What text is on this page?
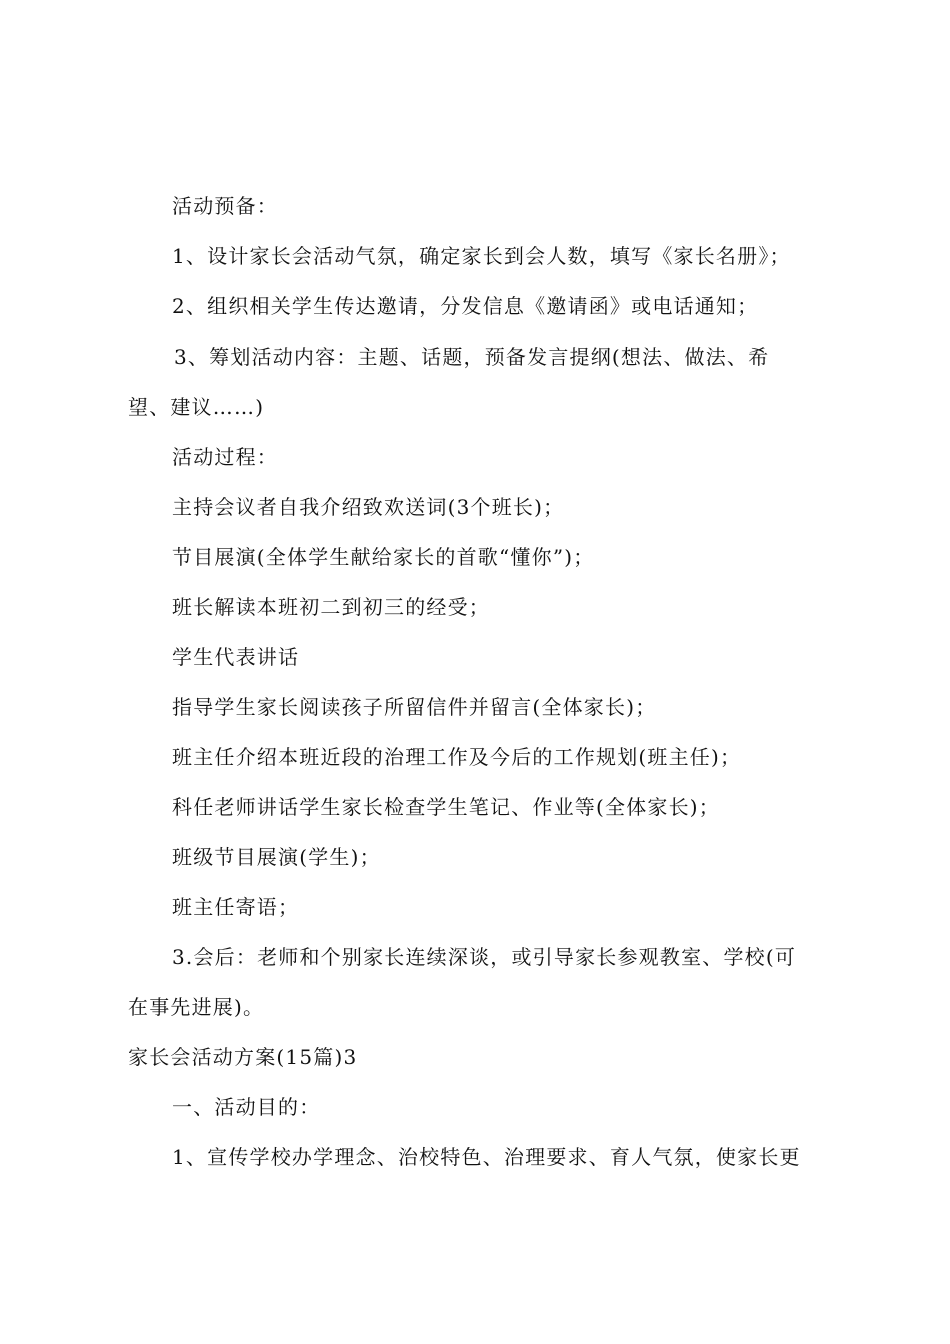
活动预备：
1、设计家长会活动气氛，确定家长到会人数，填写《家长名册》；
2、组织相关学生传达邀请，分发信息《邀请函》或电话通知；
3、筹划活动内容：主题、话题，预备发言提纲(想法、做法、希
望、建议……)
活动过程：
主持会议者自我介绍致欢送词(3个班长)；
节目展演(全体学生献给家长的首歌“懂你”)；
班长解读本班初二到初三的经受；
学生代表讲话
指导学生家长阅读孩子所留信件并留言(全体家长)；
班主任介绍本班近段的治理工作及今后的工作规划(班主任)；
科任老师讲话学生家长检查学生笔记、作业等(全体家长)；
班级节目展演(学生)；
班主任寄语；
3.会后：老师和个别家长连续深谈，或引导家长参观教室、学校(可
在事先进展)。
家长会活动方案(15篇)3
一、活动目的：
1、宣传学校办学理念、治校特色、治理要求、育人气氛，使家长更
